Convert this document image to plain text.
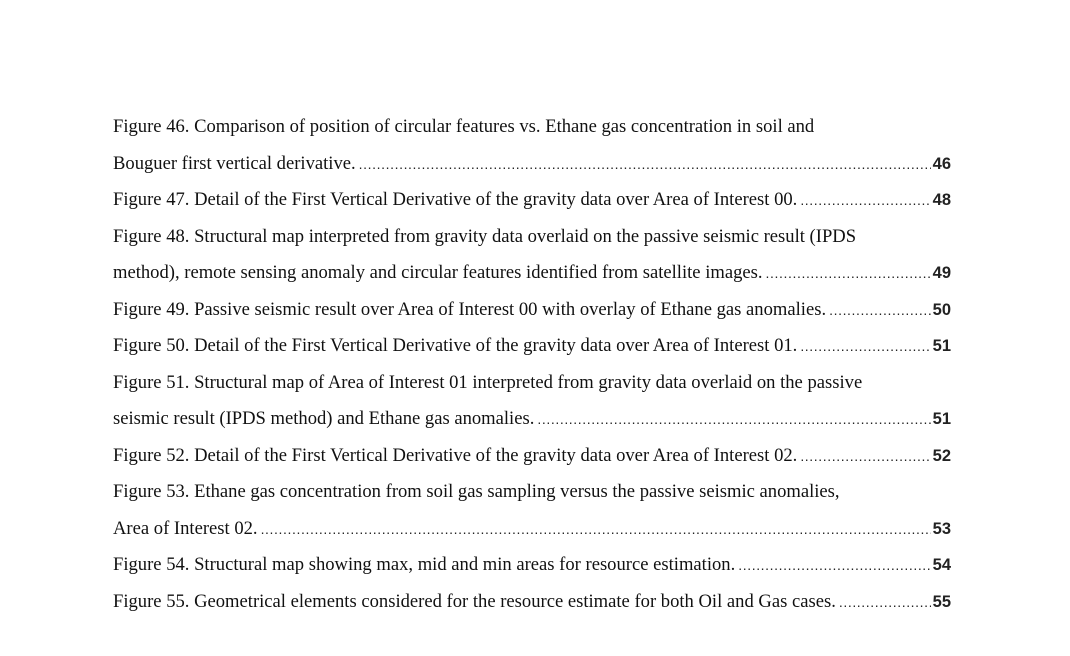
Figure 46. Comparison of position of circular features vs. Ethane gas concentration in soil and
Bouguer first vertical derivative. .....	46
Figure 47. Detail of the First Vertical Derivative of the gravity data over Area of Interest 00. .....	48
Figure 48. Structural map interpreted from gravity data overlaid on the passive seismic result (IPDS
method), remote sensing anomaly and circular features identified from satellite images. .....	49
Figure 49. Passive seismic result over Area of Interest 00 with overlay of Ethane gas anomalies. .....	50
Figure 50. Detail of the First Vertical Derivative of the gravity data over Area of Interest 01. .....	51
Figure 51. Structural map of Area of Interest 01 interpreted from gravity data overlaid on the passive
seismic result (IPDS method) and Ethane gas anomalies. .....	51
Figure 52. Detail of the First Vertical Derivative of the gravity data over Area of Interest 02. .....	52
Figure 53. Ethane gas concentration from soil gas sampling versus the passive seismic anomalies,
Area of Interest 02. .....	53
Figure 54. Structural map showing max, mid and min areas for resource estimation. .....	54
Figure 55. Geometrical elements considered for the resource estimate for both Oil and Gas cases. .....	55
